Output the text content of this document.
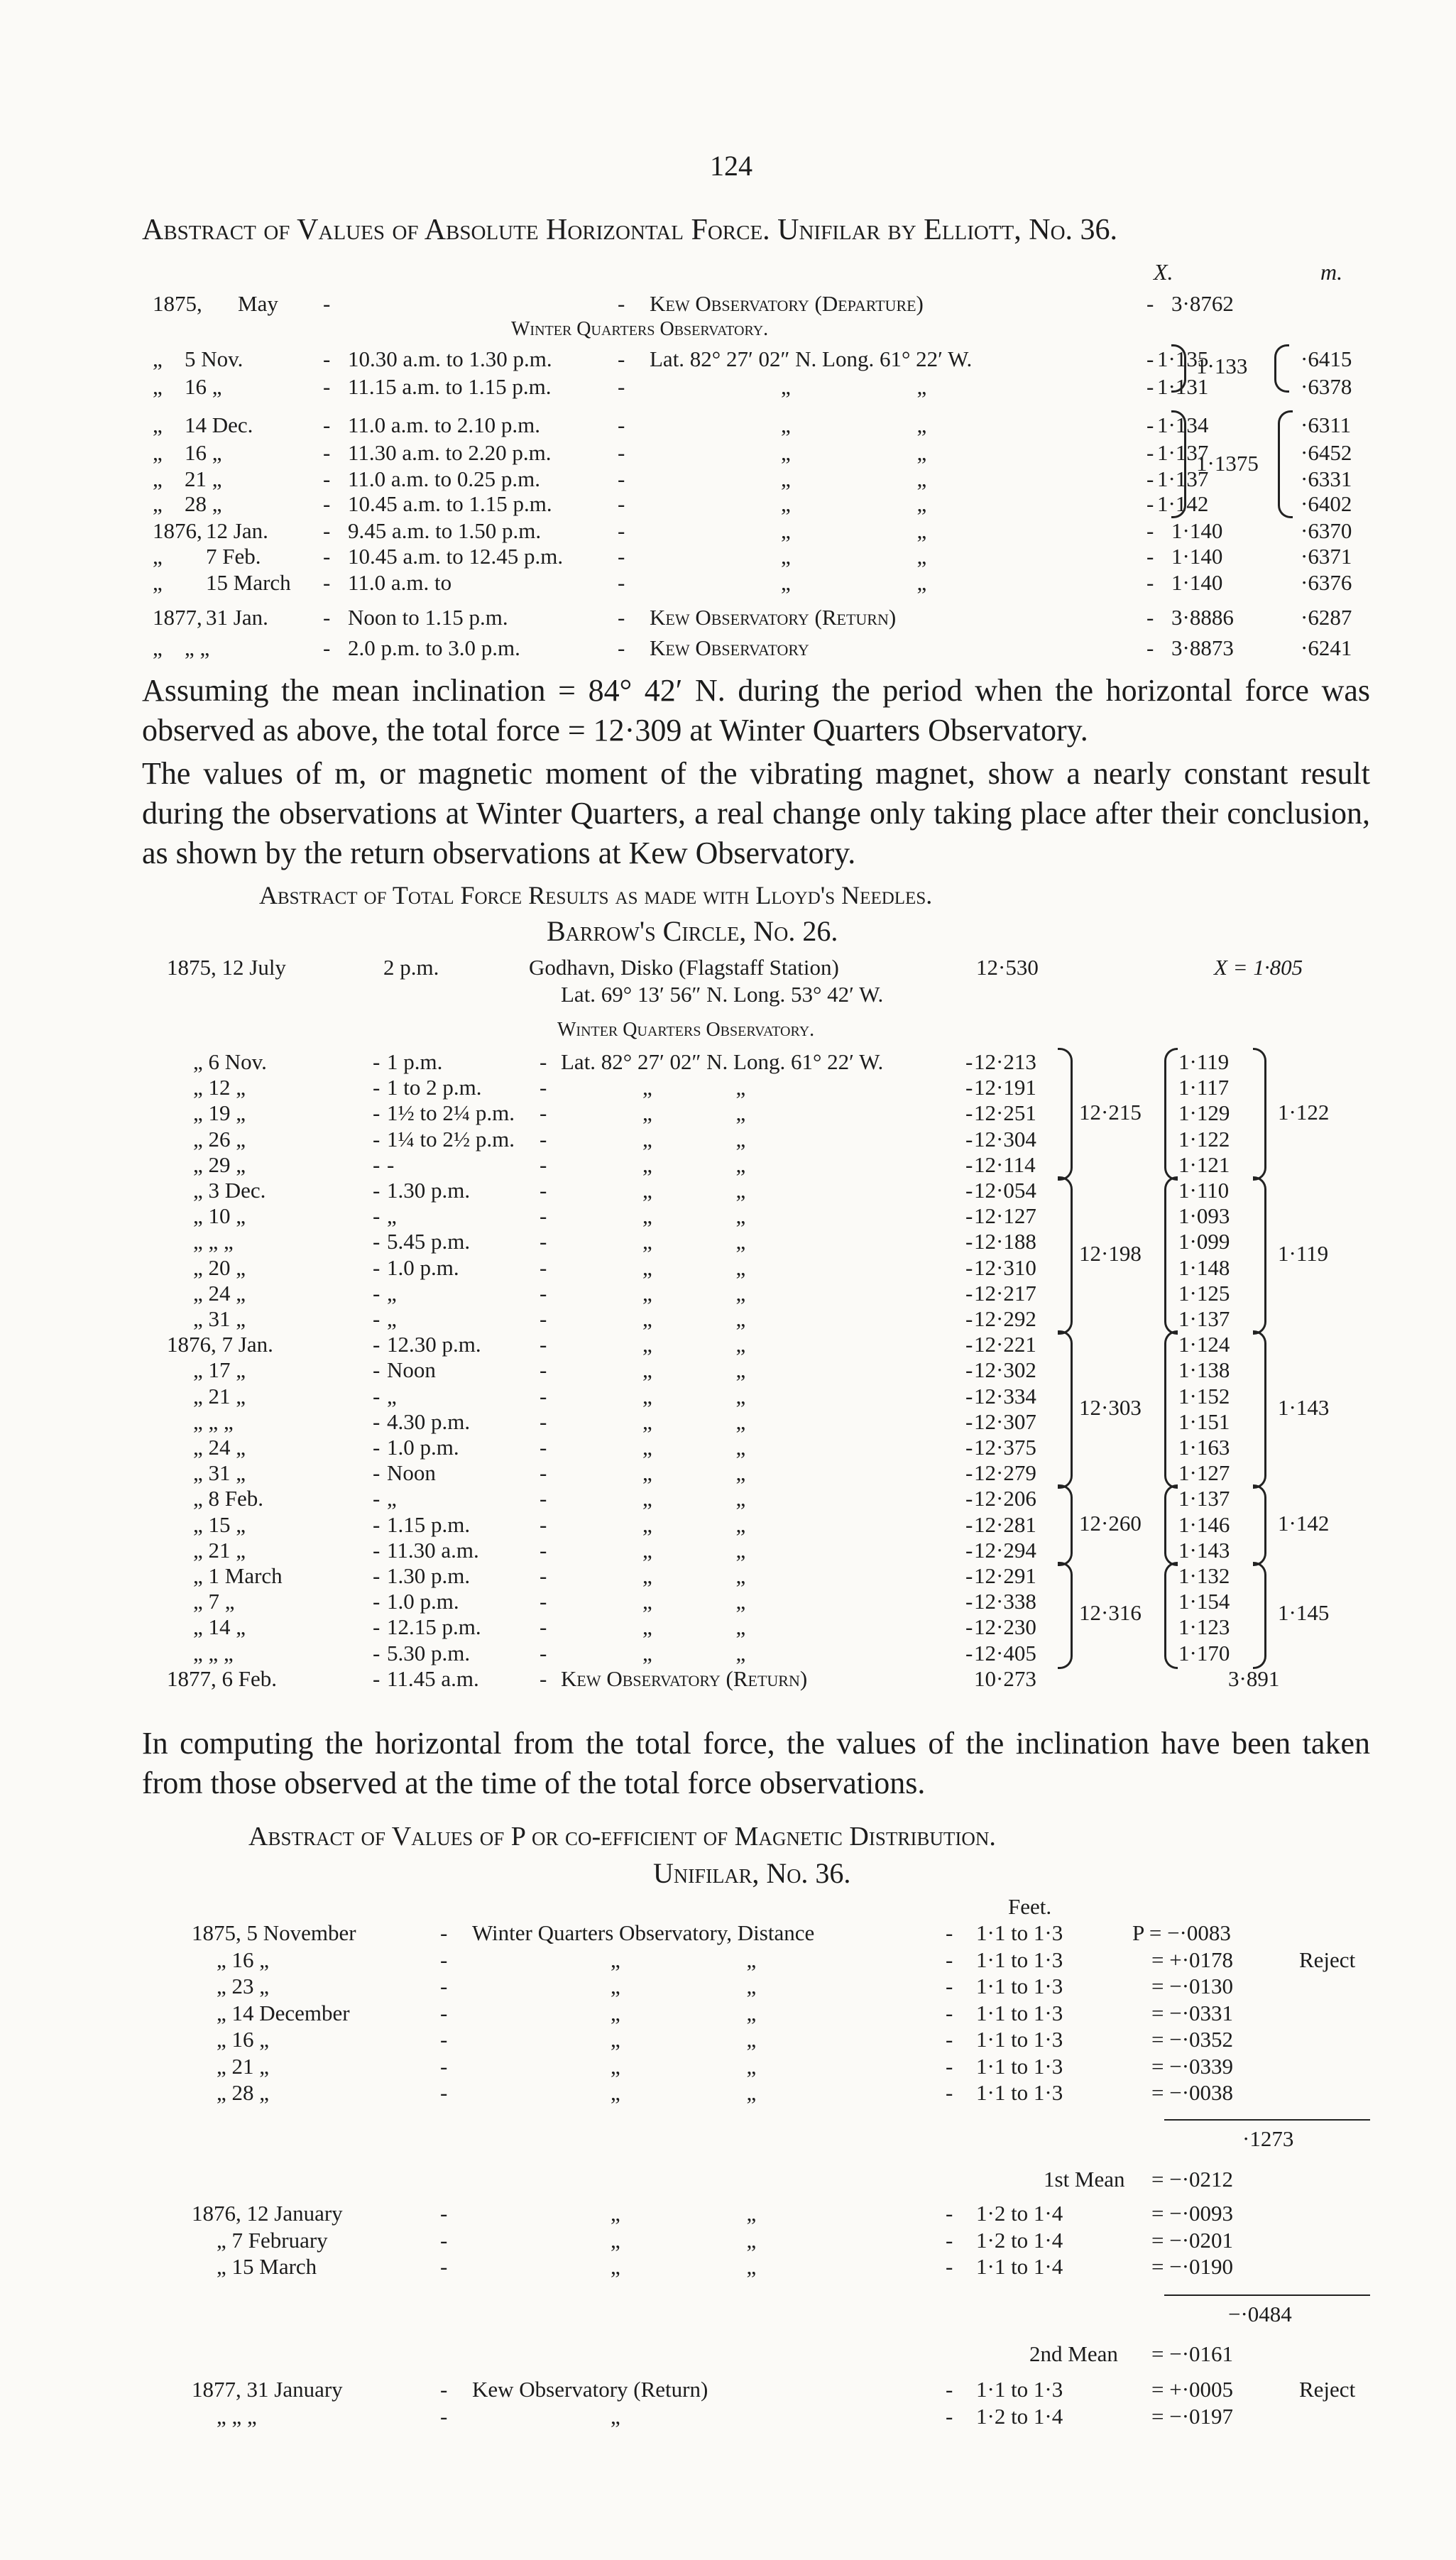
124
Abstract of Values of Absolute Horizontal Force. Unifilar by Elliott, No. 36.
X.	m.
Winter Quarters Observatory.
1875, May -	- Kew Observatory (Departure)	- 3·8762
„ 5 Nov.	- 10.30 a.m. to 1.30 p.m.	- Lat. 82° 27′ 02″ N. Long. 61° 22′ W.	- 1·135	·6415
„ 16 „	- 11.15 a.m. to 1.15 p.m.	-	„ „	- 1·131	·6378
„ 14 Dec.	- 11.0 a.m. to 2.10 p.m.	-	„ „	- 1·134	·6311
„ 16 „	- 11.30 a.m. to 2.20 p.m.	-	„ „	- 1·137	·6452
„ 21 „	- 11.0 a.m. to 0.25 p.m.	-	„ „	- 1·137	·6331
„ 28 „	- 10.45 a.m. to 1.15 p.m.	-	„ „	- 1·142	·6402
1876, 12 Jan. - 9.45 a.m. to 1.50 p.m.	-	„ „	- 1·140	·6370
„ 7 Feb.	- 10.45 a.m. to 12.45 p.m. -	„ „	- 1·140	·6371
„ 15 March - 11.0 a.m. to	-	„ „	- 1·140	·6376
1877, 31 Jan. - Noon to 1.15 p.m.	- Kew Observatory (Return)	- 3·8886	·6287
„ „ „	- 2.0 p.m. to 3.0 p.m.	- Kew Observatory	- 3·8873	·6241
1·133
1·1375
Assuming the mean inclination = 84° 42′ N. during the period when the horizontal force was observed as above, the total force = 12·309 at Winter Quarters Observatory.
The values of m, or magnetic moment of the vibrating magnet, show a nearly constant result during the observations at Winter Quarters, a real change only taking place after their conclusion, as shown by the return observations at Kew Observatory.
Abstract of Total Force Results as made with Lloyd's Needles.
Barrow's Circle, No. 26.
1875, 12 July	2 p.m.	Godhavn, Disko (Flagstaff Station)
Lat. 69° 13′ 56″ N. Long. 53° 42′ W.
12·530	X = 1·805
Winter Quarters Observatory.
„ 6 Nov.	- 1 p.m.	- Lat. 82° 27′ 02″ N. Long. 61° 22′ W.	- 12·213	1·119
„ 12 „	- 1 to 2 p.m.	-	„ „	- 12·191	1·117
„ 19 „	- 1½ to 2¼ p.m. -	„ „	- 12·251	1·129
„ 26 „	- 1¼ to 2½ p.m. -	„ „	- 12·304	1·122
„ 29 „	- -	-	„ „	- 12·114	1·121
„ 3 Dec.	- 1.30 p.m.	-	„ „	- 12·054	1·110
„ 10 „	- „	-	„ „	- 12·127	1·093
„ „ „	- 5.45 p.m.	-	„ „	- 12·188	1·099
„ 20 „	- 1.0 p.m.	-	„ „	- 12·310	1·148
„ 24 „	- „	-	„ „	- 12·217	1·125
„ 31 „	- „	-	„ „	- 12·292	1·137
1876, 7 Jan.	- 12.30 p.m.	-	„ „	- 12·221	1·124
„ 17 „	- Noon	-	„ „	- 12·302	1·138
„ 21 „	- „	-	„ „	- 12·334	1·152
„ „ „	- 4.30 p.m.	-	„ „	- 12·307	1·151
„ 24 „	- 1.0 p.m.	-	„ „	- 12·375	1·163
„ 31 „	- Noon	-	„ „	- 12·279	1·127
„ 8 Feb.	- „	-	„ „	- 12·206	1·137
„ 15 „	- 1.15 p.m.	-	„ „	- 12·281	1·146
„ 21 „	- 11.30 a.m.	-	„ „	- 12·294	1·143
„ 1 March	- 1.30 p.m.	-	„ „	- 12·291	1·132
„ 7 „	- 1.0 p.m.	-	„ „	- 12·338	1·154
„ 14 „	- 12.15 p.m.	-	„ „	- 12·230	1·123
„ „ „	- 5.30 p.m.	-	„ „	- 12·405	1·170
1877, 6 Feb.	- 11.45 a.m.	- Kew Observatory (Return)	10·273	3·891
12·215	1·122
12·198	1·119
12·303	1·143
12·260	1·142
12·316	1·145
In computing the horizontal from the total force, the values of the inclination have been taken from those observed at the time of the total force observations.
Abstract of Values of P or co-efficient of Magnetic Distribution.
Unifilar, No. 36.
Feet.
1875, 5 November	- Winter Quarters Observatory, Distance	- 1·1 to 1·3	P = −·0083
„ 16 „	-	„ „	- 1·1 to 1·3	= +·0178	Reject
„ 23 „	-	„ „	- 1·1 to 1·3	= −·0130
„ 14 December	-	„ „	- 1·1 to 1·3	= −·0331
„ 16 „	-	„ „	- 1·1 to 1·3	= −·0352
„ 21 „	-	„ „	- 1·1 to 1·3	= −·0339
„ 28 „	-	„ „	- 1·1 to 1·3	= −·0038
·1273
1st Mean = −·0212
1876, 12 January	-	„ „	- 1·2 to 1·4	= −·0093
„ 7 February	-	„ „	- 1·2 to 1·4	= −·0201
„ 15 March	-	„ „	- 1·1 to 1·4	= −·0190
−·0484
2nd Mean = −·0161
1877, 31 January	- Kew Observatory (Return)	- 1·1 to 1·3	= +·0005	Reject
„ „ „	-	„	- 1·2 to 1·4	= −·0197
